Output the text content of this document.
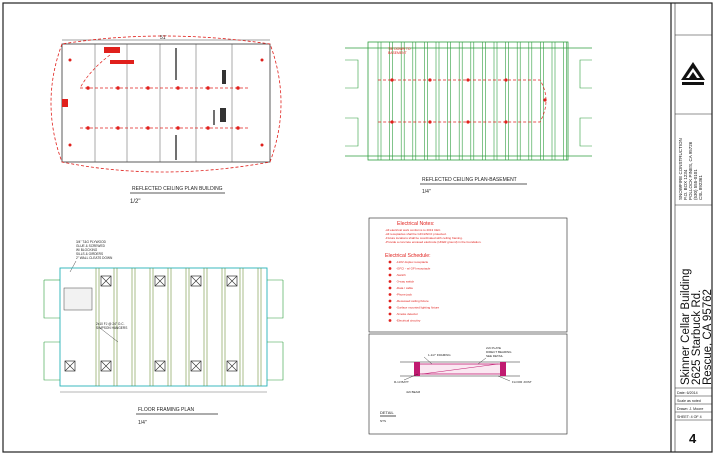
51'
REFLECTED CEILING PLAN BUILDING
1/2"
TIE DOWN TO BASEMENT
REFLECTED CEILING PLAN-BASEMENT
1/4"
3/4" T&G PLYWOOD
GLUE & SCREWED
W/ BLOCKING
SILLS & GIRDERS
2" WALL CLEATS DOWN
2x10 FJ @ 24" O.C. SIMPSON HANGERS
FLOOR FRAMING PLAN
1/4"
Electrical Notes:
-All electrical work conforms to 2013 CEC.
-All receptacles shall be GFCI/AFCI protected.
-Fixture locations shall be coordinated with ceiling framing.
-Provide a concrete encased electrode (UFER ground) in the foundation.
Electrical Schedule:
-110V duplex receptacle
-GFCI - w/ GFI receptacle
-Switch
-3-way switch
-Data / cable
-Phone jack
-Recessed ceiling fixture
-Surface mounted lighting fixture
-Smoke detector
-Electrical circuitry
1-1/2" FRAMING
2x6 PLATE
DIRECT BEARING
SEE DETAIL
FLOOR JOIST
R-13 BATT
4x6 BEAM
DETAIL
NTS
SNOWFIRE CONSTRUCTION P.O. BOX 1234 POLLOCK PINES, CA 95726 (530) 555-0101 CSL 892361
Skinner Cellar Building 2625 Starbuck Rd. Rescue, CA 95762
Date: 6/2014
Scale as noted
Drawn: J. Moore
SHEET: 4 OF 4
4
